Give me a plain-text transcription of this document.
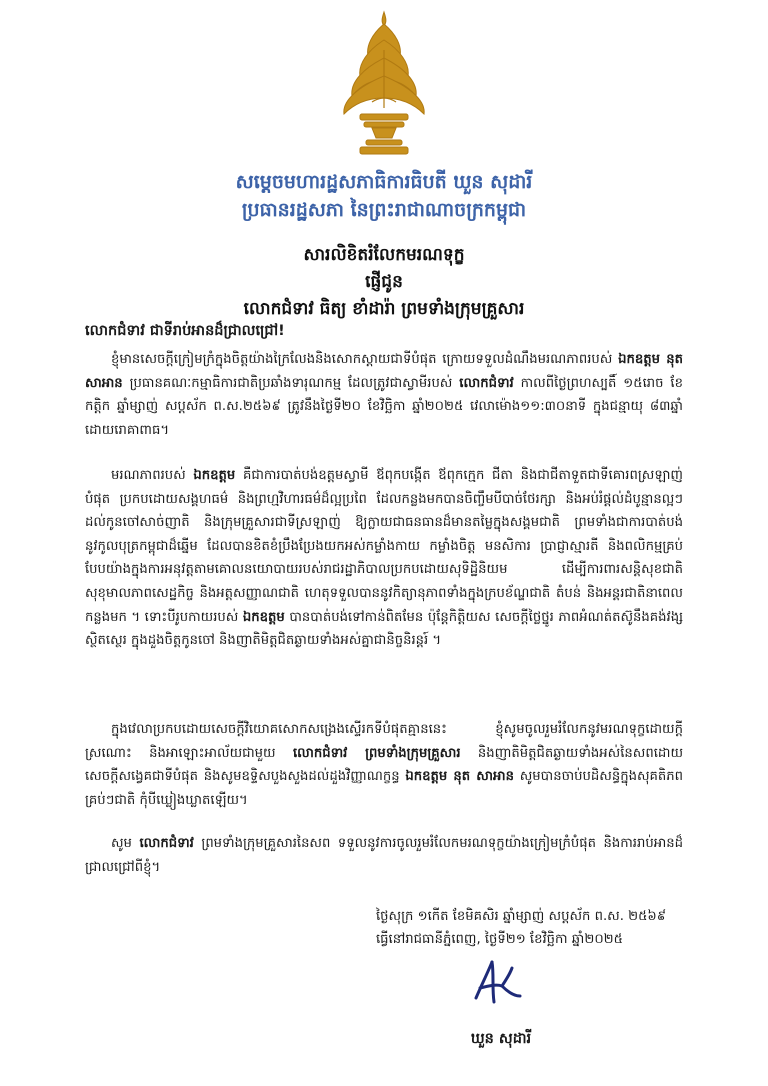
សម្ដេចមហារដ្ឋសភាធិការធិបតី ឃួន សុដារី
ប្រធានរដ្ឋសភា នៃព្រះរាជាណាចក្រកម្ពុជា
សារលិខិតរំលែកមរណទុក្ខ
ផ្ញើជូន
លោកជំទាវ ធិត្យ ខាំដារ៉ា ព្រមទាំងក្រុមគ្រួសារ
លោកជំទាវ ជាទីរាប់អានដ៏ជ្រាលជ្រៅ!

ខ្ញុំមានសេចក្ដីក្រៀមក្រំក្នុងចិត្តយ៉ាងក្រៃលែងនិងសោកស្ដាយជាទីបំផុត ក្រោយទទួលដំណឹងមរណភាពរបស់ ឯកឧត្តម នុត សាអាន ប្រធានគណៈកម្មាធិការជាតិប្រឆាំងទារុណកម្ម ដែលត្រូវជាស្វាមីរបស់ លោកជំទាវ កាលពីថ្ងៃព្រហស្បតិ៍ ១៥រោច ខែកត្តិក ឆ្នាំម្សាញ់ សប្តស័ក ព.ស.២៥៦៩ ត្រូវនឹងថ្ងៃទី២០ ខែវិច្ឆិកា ឆ្នាំ២០២៥ វេលាម៉ោង១១:៣០នាទី ក្នុងជន្មាយុ ៨៣ឆ្នាំ ដោយរោគាពាធ។

មរណភាពរបស់ ឯកឧត្តម គឺជាការបាត់បង់ឧត្តមស្វាមី ឪពុកបង្កើត ឪពុកក្មេក ជីតា និងជាជីតាទួតជាទីគោរពស្រឡាញ់បំផុត ប្រកបដោយសង្គហធម៌ និងព្រហ្មវិហារធម៌ដ៏ល្អប្រពៃ ដែលកន្លងមកបានចិញ្ចឹមបីបាច់ថែរក្សា និងអប់រំផ្ដល់ដំបូន្មានល្អៗ ដល់កូនចៅសាច់ញាតិ និងក្រុមគ្រួសារជាទីស្រឡាញ់ ឱ្យក្លាយជាធនធានដ៏មានតម្លៃក្នុងសង្គមជាតិ ព្រមទាំងជាការបាត់បង់នូវកូលបុត្រកម្ពុជាដ៏ឆ្នើម ដែលបានខិតខំប្រឹងប្រែងយកអស់កម្លាំងកាយ កម្លាំងចិត្ត មនសិការ ប្រាជ្ញាស្មារតី និងពលិកម្មគ្រប់បែបយ៉ាងក្នុងការអនុវត្តតាមគោលនយោបាយរបស់រាជរដ្ឋាភិបាលប្រកបដោយសុទិដ្ឋិនិយម ដើម្បីការពារសន្តិសុខជាតិ សុខុមាលភាពសេដ្ឋកិច្ច និងអត្តសញ្ញាណជាតិ ហេតុទទួលបាននូវកិត្យានុភាពទាំងក្នុងក្របខ័ណ្ឌជាតិ តំបន់ និងអន្តរជាតិនាពេលកន្លងមក ។ ទោះបីរូបកាយរបស់ ឯកឧត្តម បានបាត់បង់ទៅកាន់ពិតមែន ប៉ុន្តែកិត្តិយស សេចក្តីថ្លៃថ្នូរ ភាពអំណត់តស៊ូនឹងគង់វង្សស្ថិតស្ថេរ ក្នុងដួងចិត្តកូនចៅ និងញាតិមិត្តជិតឆ្ងាយទាំងអស់គ្នាជានិច្ចនិរន្តរ៍ ។

ក្នុងវេលាប្រកបដោយសេចក្តីវិយោគសោកសង្រេងស្ទើរកទីបំផុតគ្មាននេះ ខ្ញុំសូមចូលរួមរំលែកនូវមរណទុក្ខដោយក្តីស្រណោះ និងអាឡោះអាល័យជាមួយ លោកជំទាវ ព្រមទាំងក្រុមគ្រួសារ និងញាតិមិត្តជិតឆ្ងាយទាំងអស់នៃសពដោយសេចក្តីសង្វេគជាទីបំផុត និងសូមឧទ្ទិសបួងសួងដល់ដួងវិញ្ញាណក្ខន្ធ ឯកឧត្តម នុត សាអាន សូមបានចាប់បដិសន្ធិក្នុងសុគតិភពគ្រប់ៗជាតិ កុំបីឃ្លៀងឃ្លាតឡើយ។

សូម លោកជំទាវ ព្រមទាំងក្រុមគ្រួសារនៃសព ទទួលនូវការចូលរួមរំលែកមរណទុក្ខយ៉ាងក្រៀមក្រំបំផុត និងការរាប់អានដ៏ជ្រាលជ្រៅពីខ្ញុំ។

ថ្ងៃសុក្រ ១កើត ខែមិគសិរ ឆ្នាំម្សាញ់ សប្តស័ក ព.ស. ២៥៦៩
ធ្វើនៅរាជធានីភ្នំពេញ, ថ្ងៃទី២១ ខែវិច្ឆិកា ឆ្នាំ២០២៥
ឃួន សុដារី
